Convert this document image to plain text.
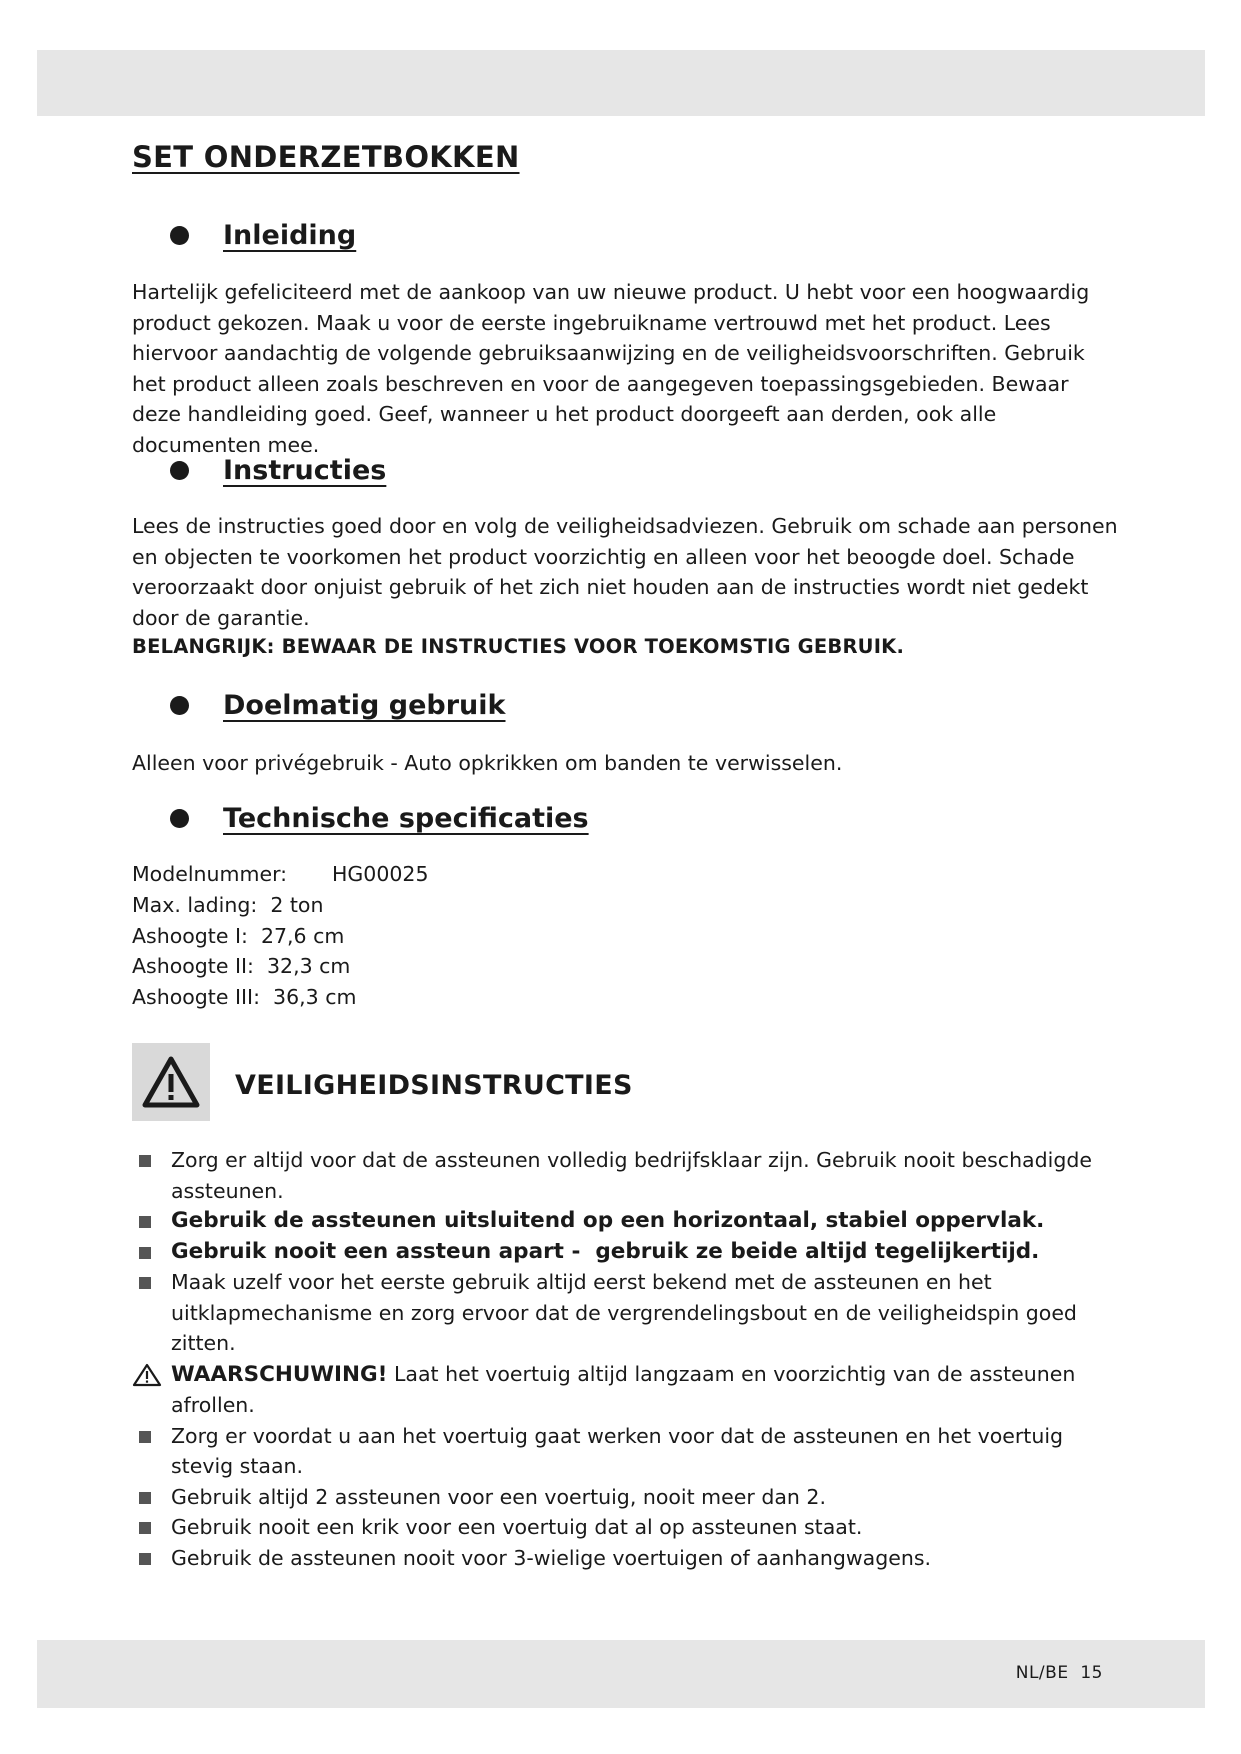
SET ONDERZETBOKKEN
Inleiding

Hartelijk gefeliciteerd met de aankoop van uw nieuwe product. U hebt voor een hoogwaardig product gekozen. Maak u voor de eerste ingebruikname vertrouwd met het product. Lees hiervoor aandachtig de volgende gebruiksaanwijzing en de veiligheidsvoorschriften. Gebruik het product alleen zoals beschreven en voor de aangegeven toepassingsgebieden. Bewaar deze handleiding goed. Geef, wanneer u het product doorgeeft aan derden, ook alle documenten mee.

Instructies

Lees de instructies goed door en volg de veiligheidsadviezen. Gebruik om schade aan personen en objecten te voorkomen het product voorzichtig en alleen voor het beoogde doel. Schade veroorzaakt door onjuist gebruik of het zich niet houden aan de instructies wordt niet gedekt door de garantie.

BELANGRIJK: BEWAAR DE INSTRUCTIES VOOR TOEKOMSTIG GEBRUIK.

Doelmatig gebruik

Alleen voor privégebruik - Auto opkrikken om banden te verwisselen.

Technische specificaties

Modelnummer: HG00025

Max. lading:  2 ton

Ashoogte I:  27,6 cm

Ashoogte II:  32,3 cm

Ashoogte III:  36,3 cm

VEILIGHEIDSINSTRUCTIES
Zorg er altijd voor dat de assteunen volledig bedrijfsklaar zijn. Gebruik nooit beschadigde assteunen.
Gebruik de assteunen uitsluitend op een horizontaal, stabiel oppervlak.
Gebruik nooit een assteun apart -  gebruik ze beide altijd tegelijkertijd.
Maak uzelf voor het eerste gebruik altijd eerst bekend met de assteunen en het uitklapmechanisme en zorg ervoor dat de vergrendelingsbout en de veiligheidspin goed zitten.
WAARSCHUWING! Laat het voertuig altijd langzaam en voorzichtig van de assteunen afrollen.
Zorg er voordat u aan het voertuig gaat werken voor dat de assteunen en het voertuig stevig staan.
Gebruik altijd 2 assteunen voor een voertuig, nooit meer dan 2.
Gebruik nooit een krik voor een voertuig dat al op assteunen staat.
Gebruik de assteunen nooit voor 3-wielige voertuigen of aanhangwagens.
NL/BE  15
